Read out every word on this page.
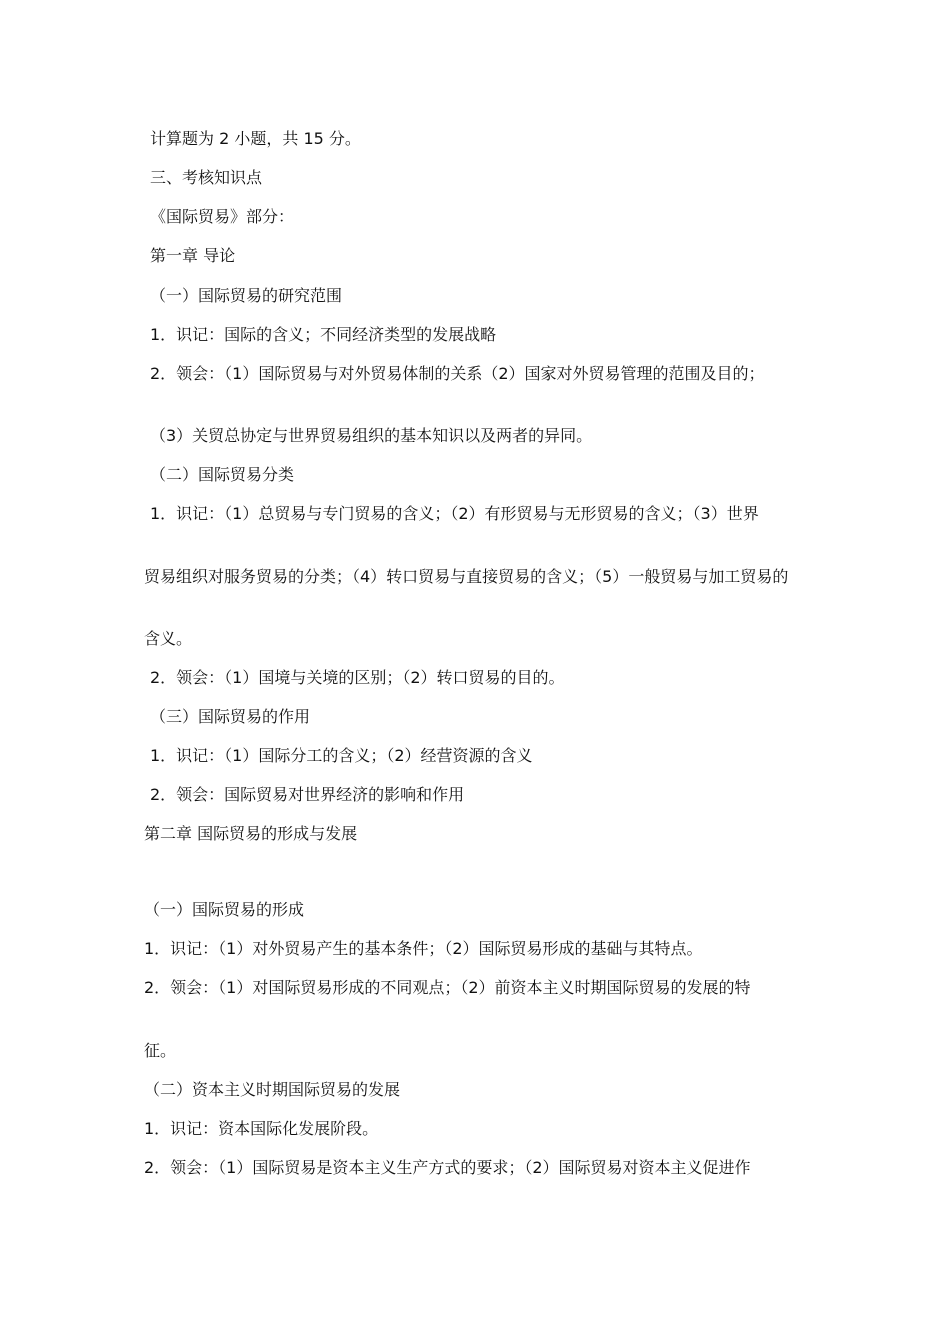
计算题为 2 小题，共 15 分。
三、考核知识点
《国际贸易》部分：
第一章 导论
（一）国际贸易的研究范围
1．识记：国际的含义；不同经济类型的发展战略
2．领会：（1）国际贸易与对外贸易体制的关系（2）国家对外贸易管理的范围及目的；
（3）关贸总协定与世界贸易组织的基本知识以及两者的异同。
（二）国际贸易分类
1．识记：（1）总贸易与专门贸易的含义；（2）有形贸易与无形贸易的含义；（3）世界
贸易组织对服务贸易的分类；（4）转口贸易与直接贸易的含义；（5）一般贸易与加工贸易的
含义。
2．领会：（1）国境与关境的区别；（2）转口贸易的目的。
（三）国际贸易的作用
1．识记：（1）国际分工的含义；（2）经营资源的含义
2．领会：国际贸易对世界经济的影响和作用
第二章 国际贸易的形成与发展
（一）国际贸易的形成
1．识记：（1）对外贸易产生的基本条件；（2）国际贸易形成的基础与其特点。
2．领会：（1）对国际贸易形成的不同观点；（2）前资本主义时期国际贸易的发展的特
征。
（二）资本主义时期国际贸易的发展
1．识记：资本国际化发展阶段。
2．领会：（1）国际贸易是资本主义生产方式的要求；（2）国际贸易对资本主义促进作
